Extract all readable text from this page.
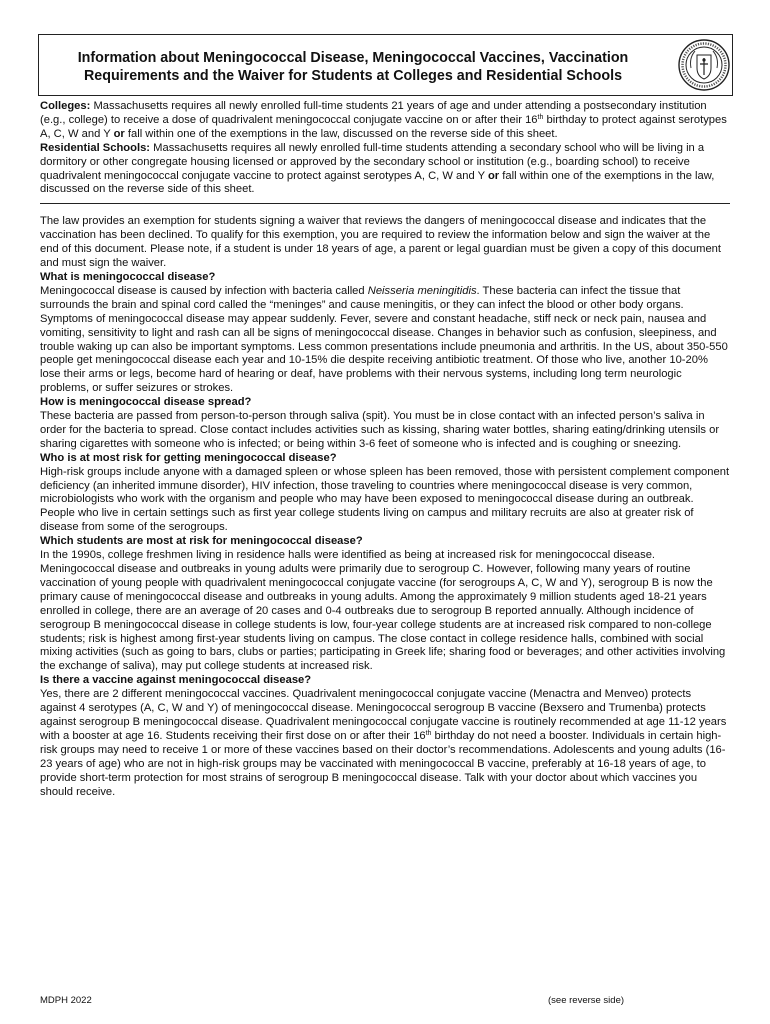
Information about Meningococcal Disease, Meningococcal Vaccines, Vaccination
Requirements and the Waiver for Students at Colleges and Residential Schools

Colleges: Massachusetts requires all newly enrolled full-time students 21 years of age and under attending a postsecondary institution (e.g., college) to receive a dose of quadrivalent meningococcal conjugate vaccine on or after their 16th birthday to protect against serotypes A, C, W and Y or fall within one of the exemptions in the law, discussed on the reverse side of this sheet.

Residential Schools: Massachusetts requires all newly enrolled full-time students attending a secondary school who will be living in a dormitory or other congregate housing licensed or approved by the secondary school or institution (e.g., boarding school) to receive quadrivalent meningococcal conjugate vaccine to protect against serotypes A, C, W and Y or fall within one of the exemptions in the law, discussed on the reverse side of this sheet.

The law provides an exemption for students signing a waiver that reviews the dangers of meningococcal disease and indicates that the vaccination has been declined. To qualify for this exemption, you are required to review the information below and sign the waiver at the end of this document. Please note, if a student is under 18 years of age, a parent or legal guardian must be given a copy of this document and must sign the waiver.

What is meningococcal disease?

Meningococcal disease is caused by infection with bacteria called Neisseria meningitidis. These bacteria can infect the tissue that surrounds the brain and spinal cord called the “meninges” and cause meningitis, or they can infect the blood or other body organs. Symptoms of meningococcal disease may appear suddenly. Fever, severe and constant headache, stiff neck or neck pain, nausea and vomiting, sensitivity to light and rash can all be signs of meningococcal disease. Changes in behavior such as confusion, sleepiness, and trouble waking up can also be important symptoms. Less common presentations include pneumonia and arthritis. In the US, about 350-550 people get meningococcal disease each year and 10-15% die despite receiving antibiotic treatment. Of those who live, another 10-20% lose their arms or legs, become hard of hearing or deaf, have problems with their nervous systems, including long term neurologic problems, or suffer seizures or strokes.

How is meningococcal disease spread?

These bacteria are passed from person-to-person through saliva (spit). You must be in close contact with an infected person’s saliva in order for the bacteria to spread. Close contact includes activities such as kissing, sharing water bottles, sharing eating/drinking utensils or sharing cigarettes with someone who is infected; or being within 3-6 feet of someone who is infected and is coughing or sneezing.

Who is at most risk for getting meningococcal disease?

High-risk groups include anyone with a damaged spleen or whose spleen has been removed, those with persistent complement component deficiency (an inherited immune disorder), HIV infection, those traveling to countries where meningococcal disease is very common, microbiologists who work with the organism and people who may have been exposed to meningococcal disease during an outbreak. People who live in certain settings such as first year college students living on campus and military recruits are also at greater risk of disease from some of the serogroups.

Which students are most at risk for meningococcal disease?

In the 1990s, college freshmen living in residence halls were identified as being at increased risk for meningococcal disease. Meningococcal disease and outbreaks in young adults were primarily due to serogroup C. However, following many years of routine vaccination of young people with quadrivalent meningococcal conjugate vaccine (for serogroups A, C, W and Y), serogroup B is now the primary cause of meningococcal disease and outbreaks in young adults. Among the approximately 9 million students aged 18-21 years enrolled in college, there are an average of 20 cases and 0-4 outbreaks due to serogroup B reported annually. Although incidence of serogroup B meningococcal disease in college students is low, four-year college students are at increased risk compared to non-college students; risk is highest among first-year students living on campus. The close contact in college residence halls, combined with social mixing activities (such as going to bars, clubs or parties; participating in Greek life; sharing food or beverages; and other activities involving the exchange of saliva), may put college students at increased risk.

Is there a vaccine against meningococcal disease?

Yes, there are 2 different meningococcal vaccines. Quadrivalent meningococcal conjugate vaccine (Menactra and Menveo) protects against 4 serotypes (A, C, W and Y) of meningococcal disease. Meningococcal serogroup B vaccine (Bexsero and Trumenba) protects against serogroup B meningococcal disease. Quadrivalent meningococcal conjugate vaccine is routinely recommended at age 11-12 years with a booster at age 16. Students receiving their first dose on or after their 16th birthday do not need a booster. Individuals in certain high-risk groups may need to receive 1 or more of these vaccines based on their doctor’s recommendations. Adolescents and young adults (16-23 years of age) who are not in high-risk groups may be vaccinated with meningococcal B vaccine, preferably at 16-18 years of age, to provide short-term protection for most strains of serogroup B meningococcal disease. Talk with your doctor about which vaccines you should receive.

MDPH 2022	(see reverse side)
